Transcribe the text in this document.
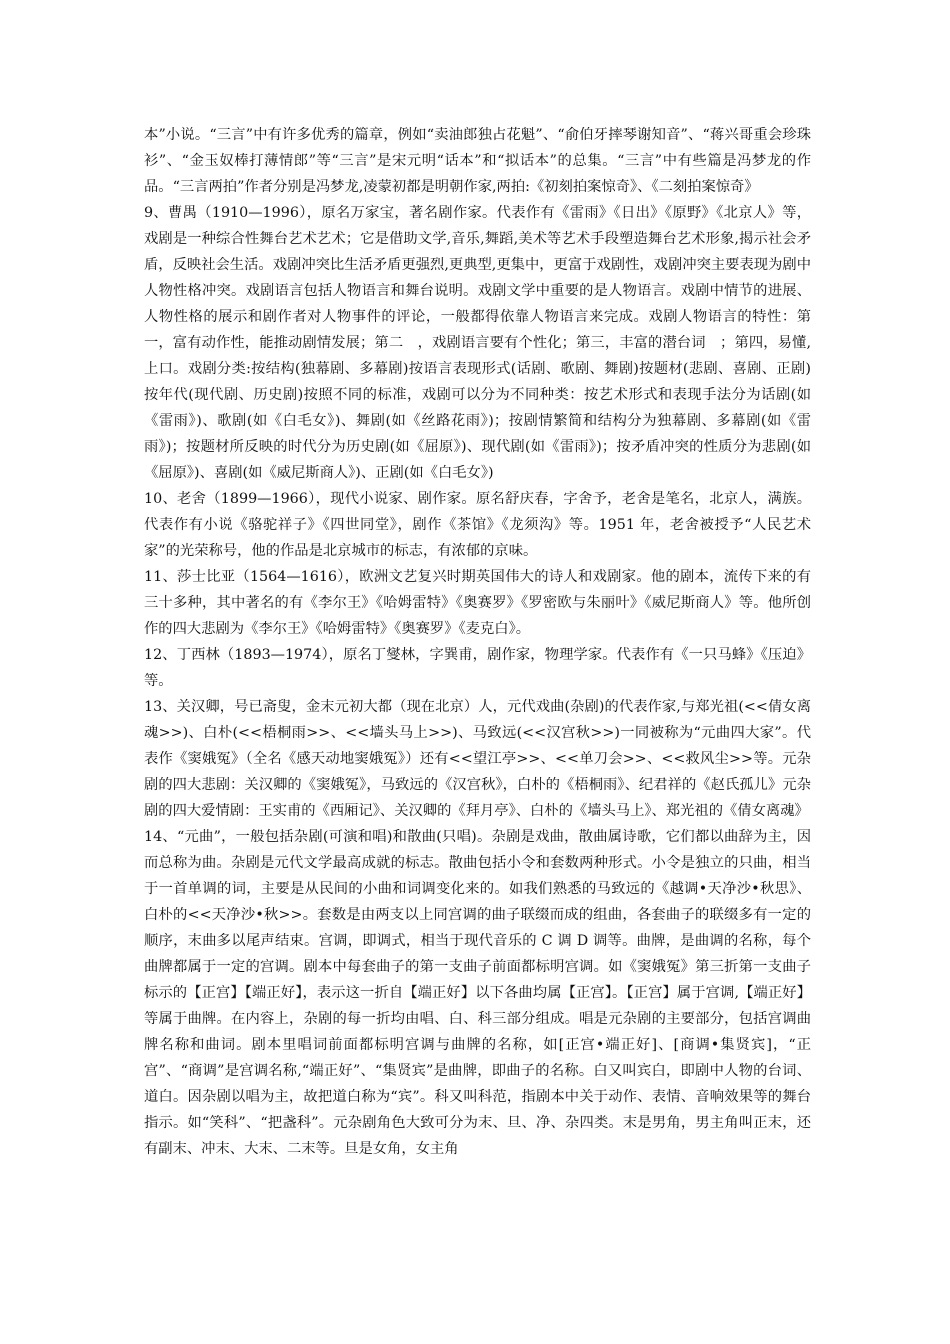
本”小说。“三言”中有许多优秀的篇章，例如“卖油郎独占花魁”、“俞伯牙摔琴谢知音”、“蒋兴哥重会珍珠衫”、“金玉奴棒打薄情郎”等“三言”是宋元明“话本”和“拟话本”的总集。“三言”中有些篇是冯梦龙的作品。“三言两拍”作者分别是冯梦龙,凌蒙初都是明朝作家,两拍:《初刻拍案惊奇》、《二刻拍案惊奇》

9、曹禺（1910—1996），原名万家宝，著名剧作家。代表作有《雷雨》《日出》《原野》《北京人》等，戏剧是一种综合性舞台艺术艺术；它是借助文学,音乐,舞蹈,美术等艺术手段塑造舞台艺术形象,揭示社会矛盾，反映社会生活。戏剧冲突比生活矛盾更强烈,更典型,更集中，更富于戏剧性，戏剧冲突主要表现为剧中人物性格冲突。戏剧语言包括人物语言和舞台说明。戏剧文学中重要的是人物语言。戏剧中情节的进展、人物性格的展示和剧作者对人物事件的评论，一般都得依靠人物语言来完成。戏剧人物语言的特性：第一，富有动作性，能推动剧情发展；第二　，戏剧语言要有个性化；第三，丰富的潜台词　；第四，易懂,上口。戏剧分类:按结构(独幕剧、多幕剧)按语言表现形式(话剧、歌剧、舞剧)按题材(悲剧、喜剧、正剧)按年代(现代剧、历史剧)按照不同的标准，戏剧可以分为不同种类：按艺术形式和表现手法分为话剧(如《雷雨》)、歌剧(如《白毛女》)、舞剧(如《丝路花雨》)；按剧情繁简和结构分为独幕剧、多幕剧(如《雷雨》)；按题材所反映的时代分为历史剧(如《屈原》)、现代剧(如《雷雨》)；按矛盾冲突的性质分为悲剧(如《屈原》)、喜剧(如《威尼斯商人》)、正剧(如《白毛女》)

10、老舍（1899—1966），现代小说家、剧作家。原名舒庆春，字舍予，老舍是笔名，北京人，满族。代表作有小说《骆驼祥子》《四世同堂》，剧作《茶馆》《龙须沟》等。1951 年，老舍被授予“人民艺术家”的光荣称号，他的作品是北京城市的标志，有浓郁的京味。

11、莎士比亚（1564—1616），欧洲文艺复兴时期英国伟大的诗人和戏剧家。他的剧本，流传下来的有三十多种，其中著名的有《李尔王》《哈姆雷特》《奥赛罗》《罗密欧与朱丽叶》《威尼斯商人》等。他所创作的四大悲剧为《李尔王》《哈姆雷特》《奥赛罗》《麦克白》。

12、丁西林（1893—1974），原名丁燮林，字巽甫，剧作家，物理学家。代表作有《一只马蜂》《压迫》等。

13、关汉卿，号已斋叟，金末元初大都（现在北京）人，元代戏曲(杂剧)的代表作家,与郑光祖(<<倩女离魂>>)、白朴(<<梧桐雨>>、<<墙头马上>>)、马致远(<<汉宫秋>>)一同被称为“元曲四大家”。代表作《窦娥冤》（全名《感天动地窦娥冤》）还有<<望江亭>>、<<单刀会>>、<<救风尘>>等。元杂剧的四大悲剧：关汉卿的《窦娥冤》，马致远的《汉宫秋》，白朴的《梧桐雨》、纪君祥的《赵氏孤儿》元杂剧的四大爱情剧：王实甫的《西厢记》、关汉卿的《拜月亭》、白朴的《墙头马上》、郑光祖的《倩女离魂》

14、“元曲”，一般包括杂剧(可演和唱)和散曲(只唱)。杂剧是戏曲，散曲属诗歌，它们都以曲辞为主，因而总称为曲。杂剧是元代文学最高成就的标志。散曲包括小令和套数两种形式。小令是独立的只曲，相当于一首单调的词，主要是从民间的小曲和词调变化来的。如我们熟悉的马致远的《越调•天净沙•秋思》、白朴的<<天净沙•秋>>。套数是由两支以上同宫调的曲子联缀而成的组曲，各套曲子的联缀多有一定的顺序，末曲多以尾声结束。宫调，即调式，相当于现代音乐的 C 调 D 调等。曲牌，是曲调的名称，每个曲牌都属于一定的宫调。剧本中每套曲子的第一支曲子前面都标明宫调。如《窦娥冤》第三折第一支曲子标示的【正宫】【端正好】，表示这一折自【端正好】以下各曲均属【正宫】。【正宫】属于宫调,【端正好】等属于曲牌。在内容上，杂剧的每一折均由唱、白、科三部分组成。唱是元杂剧的主要部分，包括宫调曲牌名称和曲词。剧本里唱词前面都标明宫调与曲牌的名称，如[正宫•端正好]、[商调•集贤宾]，“正宫”、“商调”是宫调名称,“端正好”、“集贤宾”是曲牌，即曲子的名称。白又叫宾白，即剧中人物的台词、道白。因杂剧以唱为主，故把道白称为“宾”。科又叫科范，指剧本中关于动作、表情、音响效果等的舞台指示。如“笑科”、“把盏科”。元杂剧角色大致可分为末、旦、净、杂四类。末是男角，男主角叫正末，还有副末、冲末、大末、二末等。旦是女角，女主角
